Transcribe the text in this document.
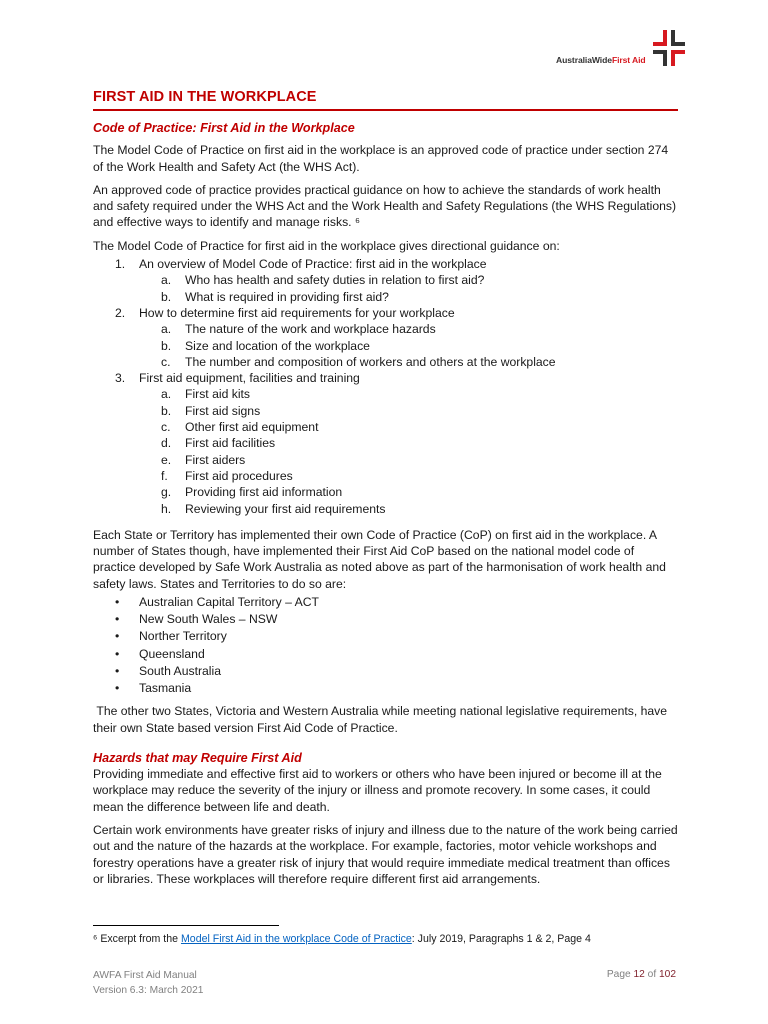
AustraliaWideFirst Aid
FIRST AID IN THE WORKPLACE
Code of Practice: First Aid in the Workplace

The Model Code of Practice on first aid in the workplace is an approved code of practice under section 274 of the Work Health and Safety Act (the WHS Act).

An approved code of practice provides practical guidance on how to achieve the standards of work health and safety required under the WHS Act and the Work Health and Safety Regulations (the WHS Regulations) and effective ways to identify and manage risks. ⁶

The Model Code of Practice for first aid in the workplace gives directional guidance on:

1. An overview of Model Code of Practice: first aid in the workplace
a. Who has health and safety duties in relation to first aid?
b. What is required in providing first aid?
2. How to determine first aid requirements for your workplace
a. The nature of the work and workplace hazards
b. Size and location of the workplace
c. The number and composition of workers and others at the workplace
3. First aid equipment, facilities and training
a. First aid kits
b. First aid signs
c. Other first aid equipment
d. First aid facilities
e. First aiders
f. First aid procedures
g. Providing first aid information
h. Reviewing your first aid requirements

Each State or Territory has implemented their own Code of Practice (CoP) on first aid in the workplace. A number of States though, have implemented their First Aid CoP based on the national model code of practice developed by Safe Work Australia as noted above as part of the harmonisation of work health and safety laws. States and Territories to do so are:

• Australian Capital Territory – ACT
• New South Wales – NSW
• Norther Territory
• Queensland
• South Australia
• Tasmania

The other two States, Victoria and Western Australia while meeting national legislative requirements, have their own State based version First Aid Code of Practice.

Hazards that may Require First Aid

Providing immediate and effective first aid to workers or others who have been injured or become ill at the workplace may reduce the severity of the injury or illness and promote recovery. In some cases, it could mean the difference between life and death.

Certain work environments have greater risks of injury and illness due to the nature of the work being carried out and the nature of the hazards at the workplace. For example, factories, motor vehicle workshops and forestry operations have a greater risk of injury that would require immediate medical treatment than offices or libraries. These workplaces will therefore require different first aid arrangements.

⁶ Excerpt from the Model First Aid in the workplace Code of Practice: July 2019, Paragraphs 1 & 2, Page 4
AWFA First Aid Manual
Version 6.3: March 2021
Page 12 of 102
